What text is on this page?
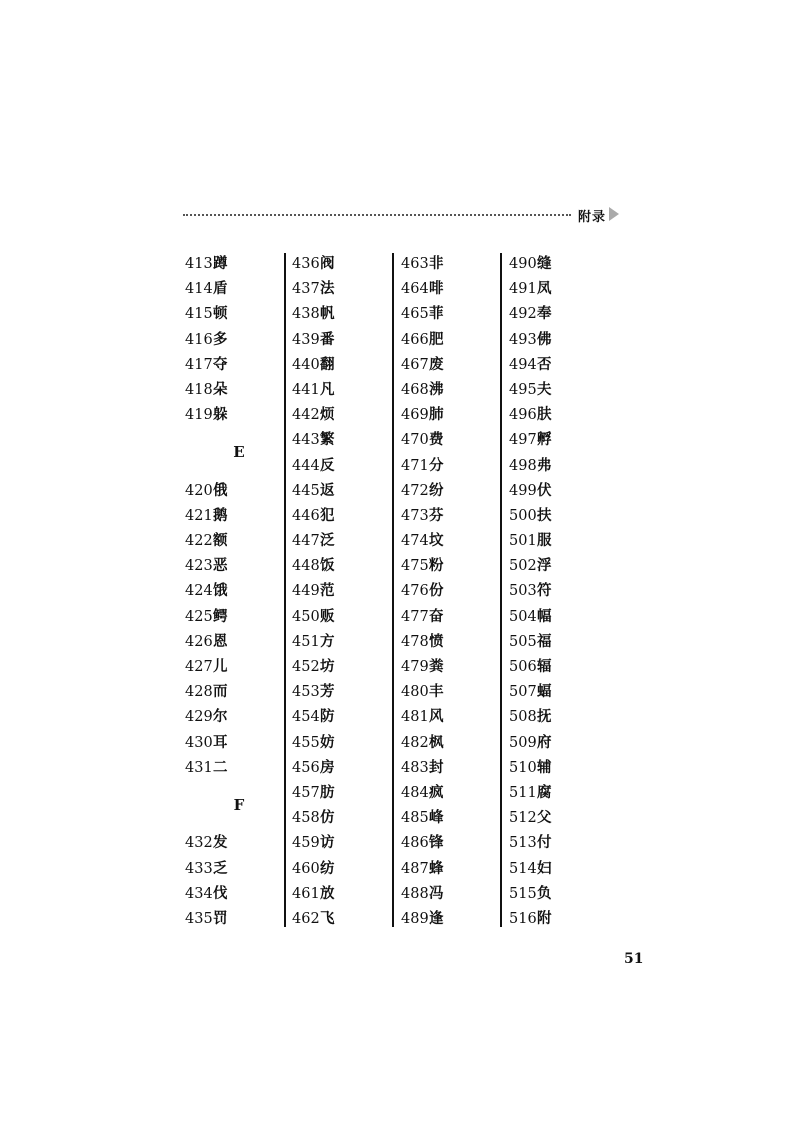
附录
413蹲
414盾
415顿
416多
417夺
418朵
419躲
E
420俄
421鹅
422额
423恶
424饿
425鳄
426恩
427儿
428而
429尔
430耳
431二
F
432发
433乏
434伐
435罚
436阀
437法
438帆
439番
440翻
441凡
442烦
443繁
444反
445返
446犯
447泛
448饭
449范
450贩
451方
452坊
453芳
454防
455妨
456房
457肪
458仿
459访
460纺
461放
462飞
463非
464啡
465菲
466肥
467废
468沸
469肺
470费
471分
472纷
473芬
474坟
475粉
476份
477奋
478愤
479粪
480丰
481风
482枫
483封
484疯
485峰
486锋
487蜂
488冯
489逢
490缝
491凤
492奉
493佛
494否
495夫
496肤
497孵
498弗
499伏
500扶
501服
502浮
503符
504幅
505福
506辐
507蝠
508抚
509府
510辅
511腐
512父
513付
514妇
515负
516附
51
